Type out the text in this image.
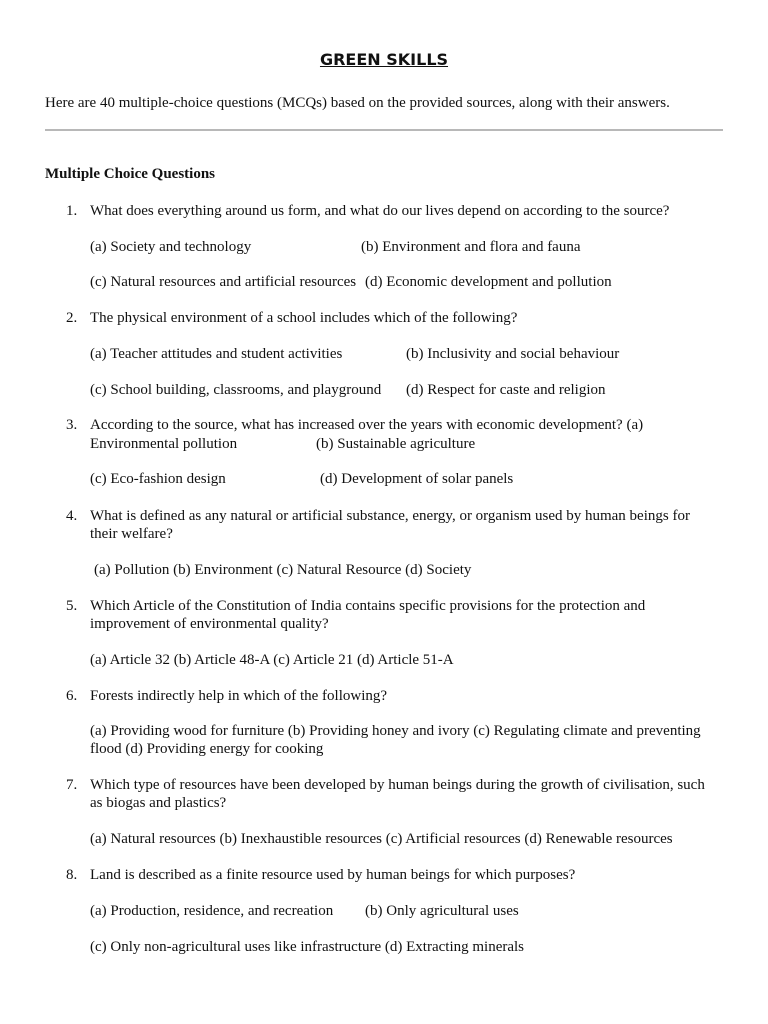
GREEN SKILLS
Here are 40 multiple-choice questions (MCQs) based on the provided sources, along with their answers.
Multiple Choice Questions
1. What does everything around us form, and what do our lives depend on according to the source?
(a) Society and technology	(b) Environment and flora and fauna
(c) Natural resources and artificial resources (d) Economic development and pollution
2. The physical environment of a school includes which of the following?
(a) Teacher attitudes and student activities	(b) Inclusivity and social behaviour
(c) School building, classrooms, and playground (d) Respect for caste and religion
3. According to the source, what has increased over the years with economic development? (a)
Environmental pollution	(b) Sustainable agriculture
(c) Eco-fashion design	(d) Development of solar panels
4. What is defined as any natural or artificial substance, energy, or organism used by human beings for their welfare?
(a) Pollution (b) Environment (c) Natural Resource (d) Society
5. Which Article of the Constitution of India contains specific provisions for the protection and improvement of environmental quality?
(a) Article 32 (b) Article 48-A (c) Article 21 (d) Article 51-A
6. Forests indirectly help in which of the following?
(a) Providing wood for furniture (b) Providing honey and ivory (c) Regulating climate and preventing flood (d) Providing energy for cooking
7. Which type of resources have been developed by human beings during the growth of civilisation, such as biogas and plastics?
(a) Natural resources (b) Inexhaustible resources (c) Artificial resources (d) Renewable resources
8. Land is described as a finite resource used by human beings for which purposes?
(a) Production, residence, and recreation (b) Only agricultural uses
(c) Only non-agricultural uses like infrastructure (d) Extracting minerals
